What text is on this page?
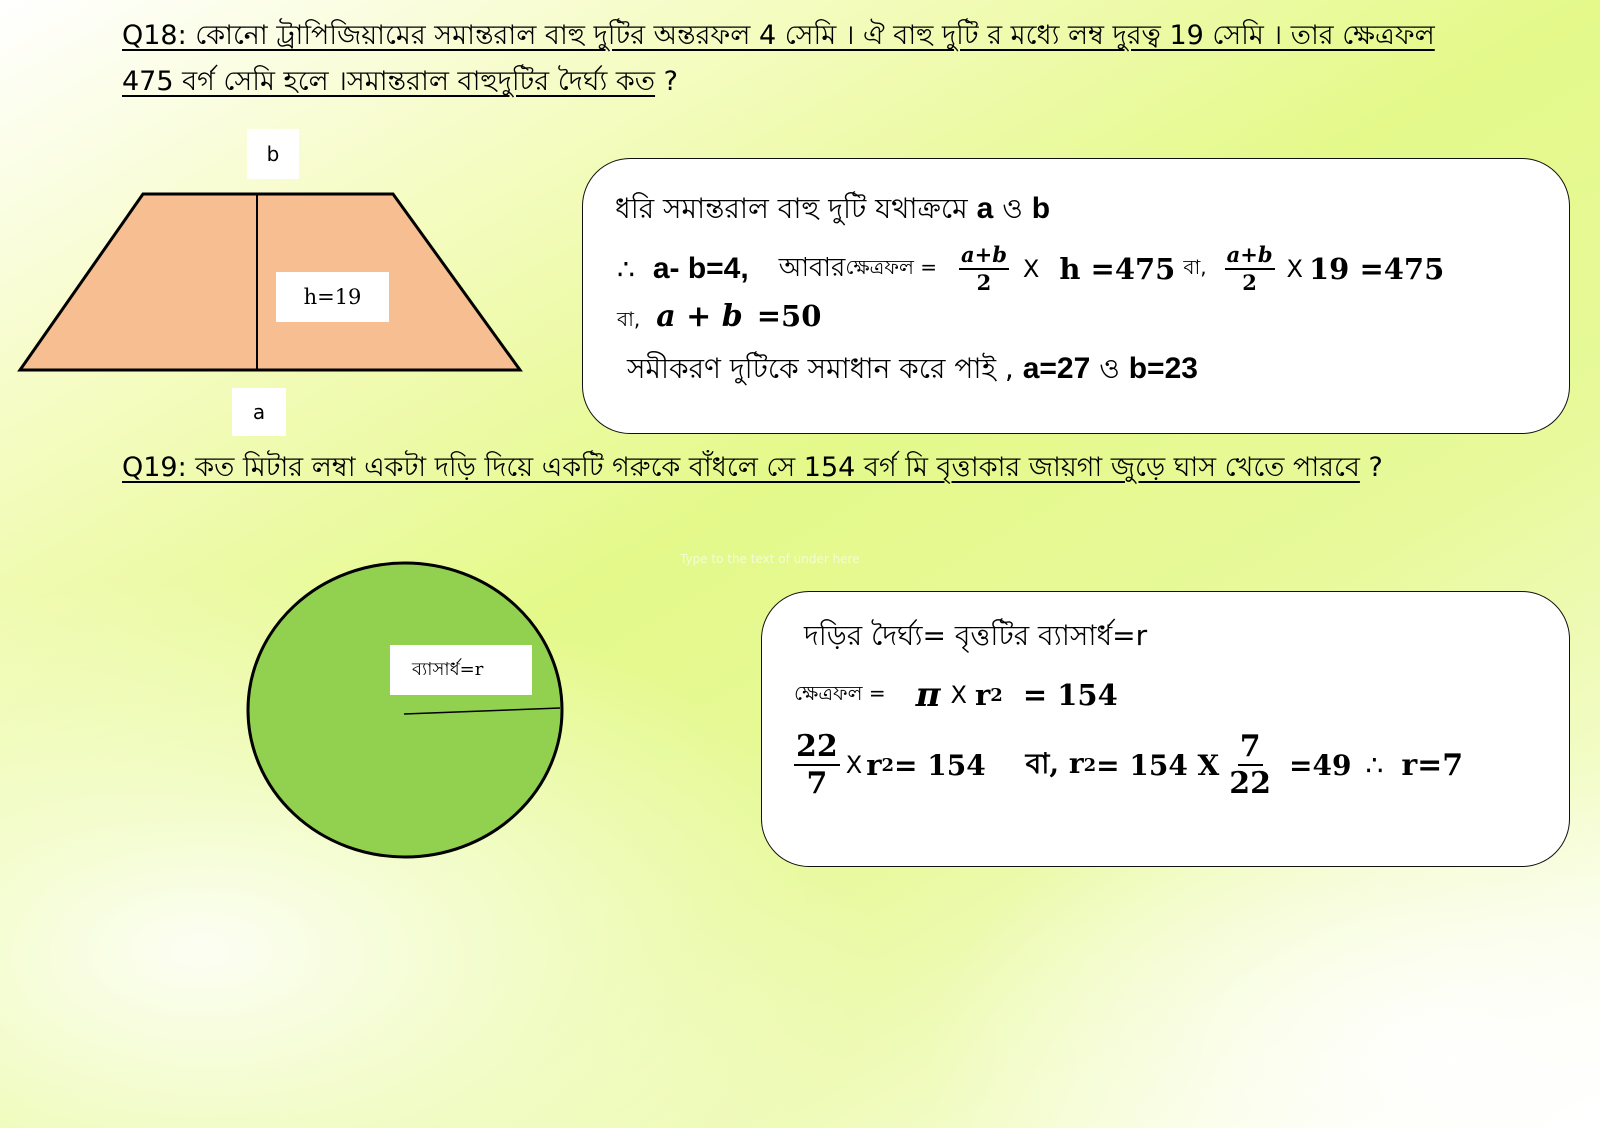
Q18: কোনো ট্রাপিজিয়ামের সমান্তরাল বাহু দুটির অন্তরফল 4 সেমি । ঐ বাহু দুটি র মধ্যে লম্ব দুরত্ব 19 সেমি । তার ক্ষেত্রফল
475 বর্গ সেমি হলে ।সমান্তরাল বাহুদুটির দৈর্ঘ্য কত ?
b
h=19
a
ধরি সমান্তরাল বাহু দুটি যথাক্রমে a ও b
∴ a- b=4, আবার ক্ষেত্রফল = $\frac{a+b}{2}$ X h =475 বা, $\frac{a+b}{2}$ X 19 =475
বা, a + b =50
সমীকরণ দুটিকে সমাধান করে পাই , a=27 ও b=23
Q19: কত মিটার লম্বা একটা দড়ি দিয়ে একটি গরুকে বাঁধলে সে 154 বর্গ মি বৃত্তাকার জায়গা জুড়ে ঘাস খেতে পারবে ?
Type to the text of under here
ব্যাসার্ধ=r
দড়ির দৈর্ঘ্য= বৃত্তটির ব্যাসার্ধ=r
ক্ষেত্রফল = π X r 2 = 154
$\frac{22}{7}$ X r 2 = 154 বা, r 2 = 154 X $\frac{7}{22} =49$ ∴ r=7
